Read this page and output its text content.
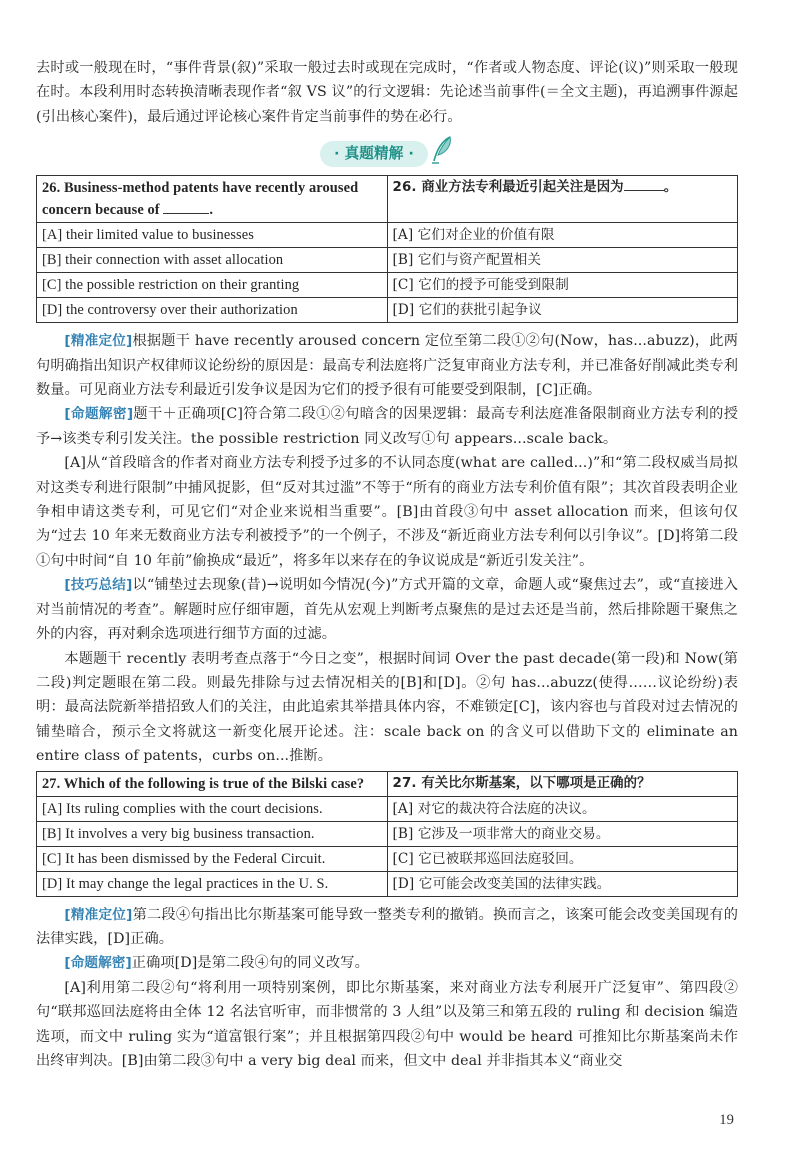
去时或一般现在时，“事件背景(叙)”采取一般过去时或现在完成时，“作者或人物态度、评论(议)”则采取一般现在时。本段利用时态转换清晰表现作者“叙 VS 议”的行文逻辑：先论述当前事件(＝全文主题)，再追溯事件源起(引出核心案件)，最后通过评论核心案件肯定当前事件的势在必行。

· 真题精解 ·
26. Business-method patents have recently aroused concern because of .	26. 商业方法专利最近引起关注是因为 。
[A] their limited value to businesses	[A] 它们对企业的价值有限
[B] their connection with asset allocation	[B] 它们与资产配置相关
[C] the possible restriction on their granting	[C] 它们的授予可能受到限制
[D] the controversy over their authorization	[D] 它们的获批引起争议

[精准定位]根据题干 have recently aroused concern 定位至第二段①②句(Now，has...abuzz)，此两句明确指出知识产权律师议论纷纷的原因是：最高专利法庭将广泛复审商业方法专利，并已准备好削减此类专利数量。可见商业方法专利最近引发争议是因为它们的授予很有可能要受到限制，[C]正确。

[命题解密]题干＋正确项[C]符合第二段①②句暗含的因果逻辑：最高专利法庭准备限制商业方法专利的授予→该类专利引发关注。the possible restriction 同义改写①句 appears...scale back。

[A]从“首段暗含的作者对商业方法专利授予过多的不认同态度(what are called...)”和“第二段权威当局拟对这类专利进行限制”中捕风捉影，但“反对其过滥”不等于“所有的商业方法专利价值有限”；其次首段表明企业争相申请这类专利，可见它们“对企业来说相当重要”。[B]由首段③句中 asset allocation 而来，但该句仅为“过去 10 年来无数商业方法专利被授予”的一个例子，不涉及“新近商业方法专利何以引争议”。[D]将第二段①句中时间“自 10 年前”偷换成“最近”，将多年以来存在的争议说成是“新近引发关注”。

[技巧总结]以“铺垫过去现象(昔)→说明如今情况(今)”方式开篇的文章，命题人或“聚焦过去”，或“直接进入对当前情况的考查”。解题时应仔细审题，首先从宏观上判断考点聚焦的是过去还是当前，然后排除题干聚焦之外的内容，再对剩余选项进行细节方面的过滤。

本题题干 recently 表明考查点落于“今日之变”，根据时间词 Over the past decade(第一段)和 Now(第二段)判定题眼在第二段。则最先排除与过去情况相关的[B]和[D]。②句 has...abuzz(使得……议论纷纷)表明：最高法院新举措招致人们的关注，由此追索其举措具体内容，不难锁定[C]，该内容也与首段对过去情况的铺垫暗合，预示全文将就这一新变化展开论述。注：scale back on 的含义可以借助下文的 eliminate an entire class of patents，curbs on...推断。

27. Which of the following is true of the Bilski case?	27. 有关比尔斯基案，以下哪项是正确的？
[A] Its ruling complies with the court decisions.	[A] 对它的裁决符合法庭的决议。
[B] It involves a very big business transaction.	[B] 它涉及一项非常大的商业交易。
[C] It has been dismissed by the Federal Circuit.	[C] 它已被联邦巡回法庭驳回。
[D] It may change the legal practices in the U. S.	[D] 它可能会改变美国的法律实践。

[精准定位]第二段④句指出比尔斯基案可能导致一整类专利的撤销。换而言之，该案可能会改变美国现有的法律实践，[D]正确。

[命题解密]正确项[D]是第二段④句的同义改写。

[A]利用第二段②句“将利用一项特别案例，即比尔斯基案，来对商业方法专利展开广泛复审”、第四段②句“联邦巡回法庭将由全体 12 名法官听审，而非惯常的 3 人组”以及第三和第五段的 ruling 和 decision 编造选项，而文中 ruling 实为“道富银行案”；并且根据第四段②句中 would be heard 可推知比尔斯基案尚未作出终审判决。[B]由第二段③句中 a very big deal 而来，但文中 deal 并非指其本义“商业交

19
